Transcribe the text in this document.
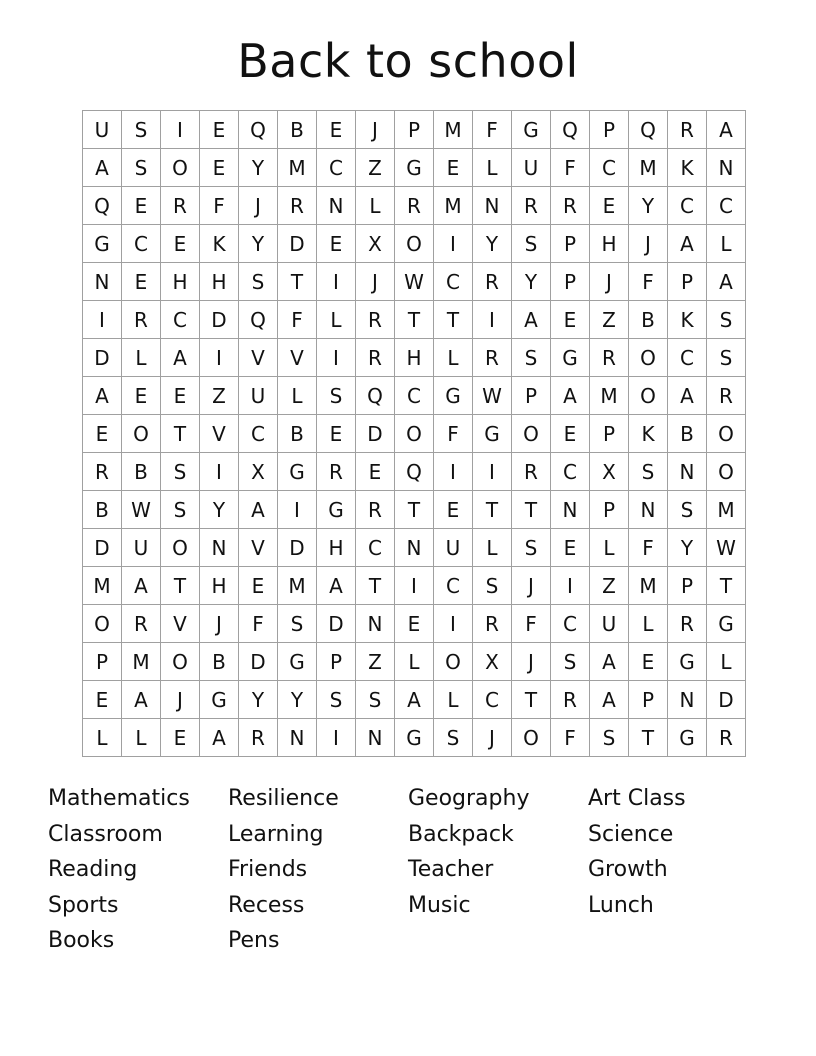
Back to school
U	S	I	E	Q	B	E	J	P	M	F	G	Q	P	Q	R	A
A	S	O	E	Y	M	C	Z	G	E	L	U	F	C	M	K	N
Q	E	R	F	J	R	N	L	R	M	N	R	R	E	Y	C	C
G	C	E	K	Y	D	E	X	O	I	Y	S	P	H	J	A	L
N	E	H	H	S	T	I	J	W	C	R	Y	P	J	F	P	A
I	R	C	D	Q	F	L	R	T	T	I	A	E	Z	B	K	S
D	L	A	I	V	V	I	R	H	L	R	S	G	R	O	C	S
A	E	E	Z	U	L	S	Q	C	G	W	P	A	M	O	A	R
E	O	T	V	C	B	E	D	O	F	G	O	E	P	K	B	O
R	B	S	I	X	G	R	E	Q	I	I	R	C	X	S	N	O
B	W	S	Y	A	I	G	R	T	E	T	T	N	P	N	S	M
D	U	O	N	V	D	H	C	N	U	L	S	E	L	F	Y	W
M	A	T	H	E	M	A	T	I	C	S	J	I	Z	M	P	T
O	R	V	J	F	S	D	N	E	I	R	F	C	U	L	R	G
P	M	O	B	D	G	P	Z	L	O	X	J	S	A	E	G	L
E	A	J	G	Y	Y	S	S	A	L	C	T	R	A	P	N	D
L	L	E	A	R	N	I	N	G	S	J	O	F	S	T	G	R
Mathematics	Resilience	Geography	Art Class
Classroom	Learning	Backpack	Science
Reading	Friends	Teacher	Growth
Sports	Recess	Music	Lunch
Books	Pens
